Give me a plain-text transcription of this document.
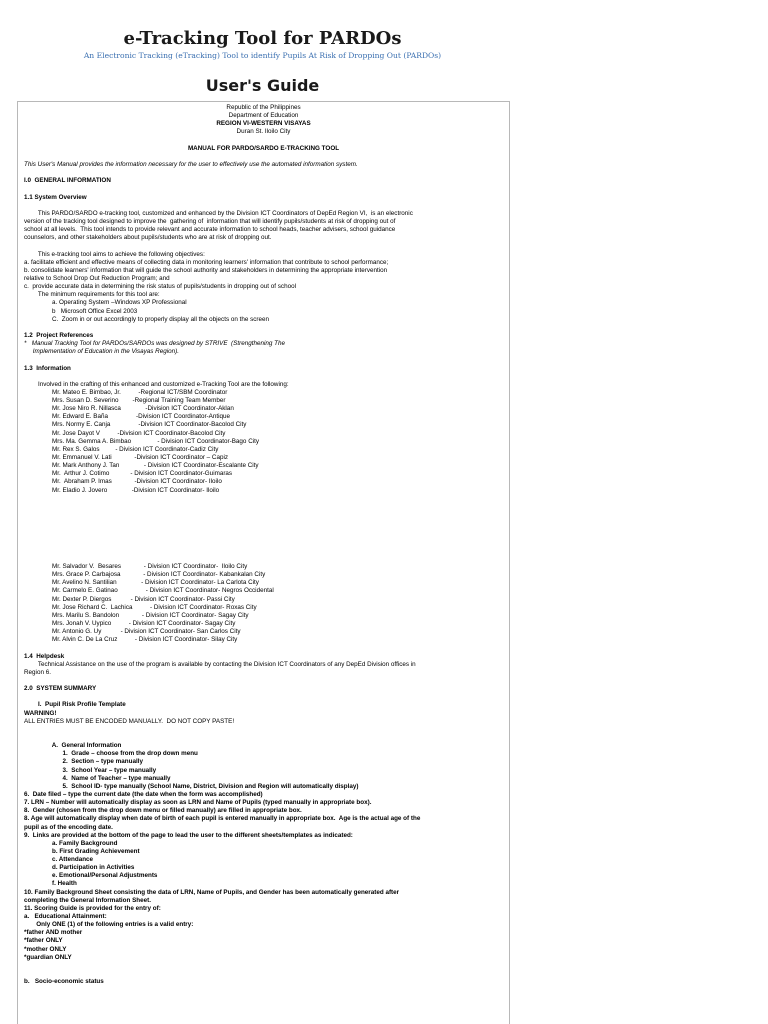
e-Tracking Tool for PARDOs
An Electronic Tracking (eTracking) Tool to identify Pupils At Risk of Dropping Out (PARDOs)
User's Guide
Republic of the Philippines
Department of Education
REGION VI-WESTERN VISAYAS
Duran St. Iloilo City
MANUAL FOR PARDO/SARDO E-TRACKING TOOL
This User's Manual provides the information necessary for the user to effectively use the automated information system.
I.0  GENERAL INFORMATION
1.1 System Overview
This PARDO/SARDO e-tracking tool, customized and enhanced by the Division ICT Coordinators of DepEd Region VI,  is an electronic
version of the tracking tool designed to improve the  gathering of  information that will identify pupils/students at risk of dropping out of
school at all levels.  This tool intends to provide relevant and accurate information to school heads, teacher advisers, school guidance
counselors, and other stakeholders about pupils/students who are at risk of dropping out.
This e-tracking tool aims to achieve the following objectives:
a. facilitate efficient and effective means of collecting data in monitoring learners' information that contribute to school performance;
b. consolidate learners' information that will guide the school authority and stakeholders in determining the appropriate intervention
relative to School Drop Out Reduction Program; and
c.  provide accurate data in determining the risk status of pupils/students in dropping out of school
The minimum requirements for this tool are:
a. Operating System –Windows XP Professional
b   Microsoft Office Excel 2003
C.  Zoom in or out accordingly to properly display all the objects on the screen
1.2  Project References
*   Manual Tracking Tool for PARDOs/SARDOs was designed by STRIVE  (Strengthening The
Implementation of Education in the Visayas Region).
1.3  Information
Involved in the crafting of this enhanced and customized e-Tracking Tool are the following:
Mr. Mateo E. Bimbao, Jr.          -Regional ICT/SBM Coordinator
Mrs. Susan D. Severino        -Regional Training Team Member
Mr. Jose Niro R. Nillasca              -Division ICT Coordinator-Aklan
Mr. Edward E. Baña                -Division ICT Coordinator-Antique
Mrs. Normy E. Canja                -Division ICT Coordinator-Bacolod City
Mr. Jose Dayot V          -Division ICT Coordinator-Bacolod City
Mrs. Ma. Gemma A. Bimbao               - Division ICT Coordinator-Bago City
Mr. Rex S. Galos         - Division ICT Coordinator-Cadiz City
Mr. Emmanuel V. Lati             -Division ICT Coordinator – Capiz
Mr. Mark Anthony J. Tan              - Division ICT Coordinator-Escalante City
Mr.  Arthur J. Cotimo            - Division ICT Coordinator-Guimaras
Mr.  Abraham P. Imas             -Division ICT Coordinator- Iloilo
Mr. Eladio J. Jovero              -Division ICT Coordinator- Iloilo
Mr. Salvador V.  Besares             - Division ICT Coordinator-  Iloilo City
Mrs. Grace P. Carbajosa             - Division ICT Coordinator- Kabankalan City
Mr. Avelino N. Santilian              - Division ICT Coordinator- La Carlota City
Mr. Carmelo E. Gatinao                - Division ICT Coordinator- Negros Occidental
Mr. Dexter P. Diergos           - Division ICT Coordinator- Passi City
Mr. Jose Richard C.  Lachica          - Division ICT Coordinator- Roxas City
Mrs. Marilu S. Bandolon             - Division ICT Coordinator- Sagay City
Mrs. Jonah V. Uypico          - Division ICT Coordinator- Sagay City
Mr. Antonio G. Uy           - Division ICT Coordinator- San Carlos City
Mr. Alvin C. De La Cruz          - Division ICT Coordinator- Silay City
1.4  Helpdesk
Technical Assistance on the use of the program is available by contacting the Division ICT Coordinators of any DepEd Division offices in
Region 6.
2.0  SYSTEM SUMMARY
I.  Pupil Risk Profile Template
WARNING!
ALL ENTRIES MUST BE ENCODED MANUALLY.  DO NOT COPY PASTE!
A.  General Information
1.  Grade – choose from the drop down menu
2.  Section – type manually
3.  School Year – type manually
4.  Name of Teacher – type manually
5.  School ID- type manually (School Name, District, Division and Region will automatically display)
6.  Date filed – type the current date (the date when the form was accomplished)
7. LRN – Number will automatically display as soon as LRN and Name of Pupils (typed manually in appropriate box).
8.  Gender (chosen from the drop down menu or filled manually) are filled in appropriate box.
8. Age will automatically display when date of birth of each pupil is entered manually in appropriate box.  Age is the actual age of the
pupil as of the encoding date.
9.  Links are provided at the bottom of the page to lead the user to the different sheets/templates as indicated:
a. Family Background
b. First Grading Achievement
c. Attendance
d. Participation in Activities
e. Emotional/Personal Adjustments
f. Health
10. Family Background Sheet consisting the data of LRN, Name of Pupils, and Gender has been automatically generated after
completing the General Information Sheet.
11. Scoring Guide is provided for the entry of:
a.   Educational Attainment:
Only ONE (1) of the following entries is a valid entry:
*father AND mother
*father ONLY
*mother ONLY
*guardian ONLY
b.   Socio-economic status
